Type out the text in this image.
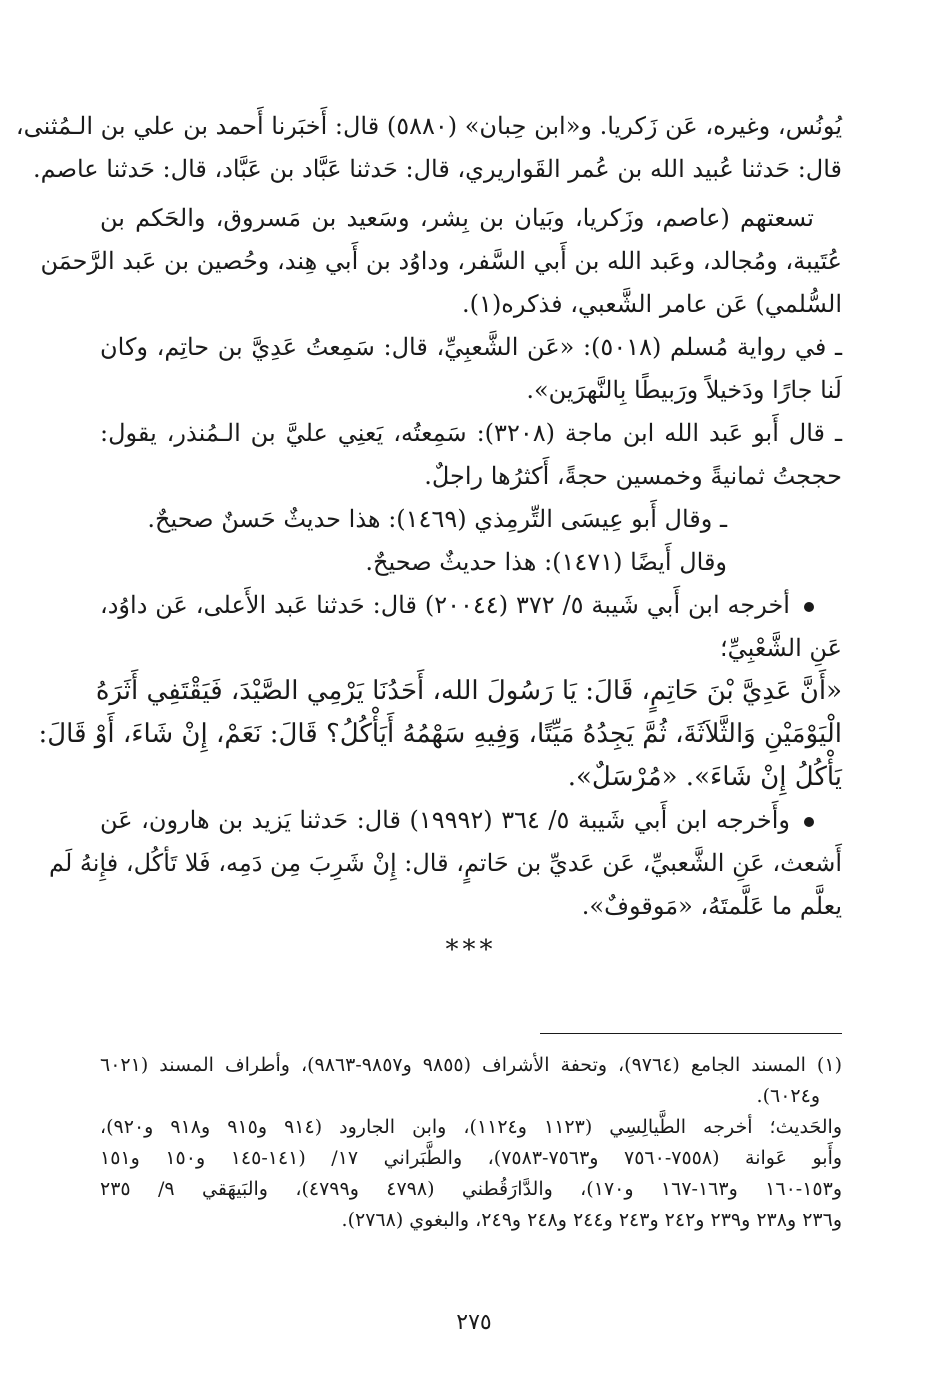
يُونُس، وغيره، عَن زَكريا. و«ابن حِبان» (٥٨٨٠) قال: أَخبَرنا أَحمد بن علي بن الـمُثنى،
قال: حَدثنا عُبيد الله بن عُمر القَواريري، قال: حَدثنا عَبَّاد بن عَبَّاد، قال: حَدثنا عاصم.
تسعتهم (عاصم، وزَكريا، وبَيان بن بِشر، وسَعيد بن مَسروق، والحَكم بن
عُتَيبة، ومُجالد، وعَبد الله بن أَبي السَّفر، وداوُد بن أَبي هِند، وحُصين بن عَبد الرَّحمَن
السُّلمي) عَن عامر الشَّعبي، فذكره(١).
ـ في رواية مُسلم (٥٠١٨): «عَن الشَّعبِيِّ، قال: سَمِعتُ عَدِيَّ بن حاتِم، وكان
لَنا جارًا ودَخيلاً ورَبيطًا بِالنَّهرَين».
ـ قال أَبو عَبد الله ابن ماجة (٣٢٠٨): سَمِعتُه، يَعنِي عليَّ بن الـمُنذر، يقول:
حججتُ ثمانيةً وخمسين حجةً، أَكثرُها راجلٌ.
ـ وقال أَبو عِيسَى التِّرمِذي (١٤٦٩): هذا حديثٌ حَسنٌ صحيحٌ.
وقال أَيضًا (١٤٧١): هذا حديثٌ صحيحٌ.
أخرجه ابن أَبي شَيبة ٥/ ٣٧٢ (٢٠٠٤٤) قال: حَدثنا عَبد الأَعلى، عَن داوُد،
عَنِ الشَّعْبِيِّ؛
«أَنَّ عَدِيَّ بْنَ حَاتِمٍ، قَالَ: يَا رَسُولَ الله، أَحَدُنَا يَرْمِي الصَّيْدَ، فَيَقْتَفِي أَثَرَهُ
الْيَوْمَيْنِ وَالثَّلاَثَةَ، ثُمَّ يَجِدُهُ مَيِّتًا، وَفِيهِ سَهْمُهُ أَيَأْكُلُ؟ قَالَ: نَعَمْ، إِنْ شَاءَ، أَوْ قَالَ:
يَأْكُلُ إِنْ شَاءَ». «مُرْسَلٌ».
وأَخرجه ابن أَبي شَيبة ٥/ ٣٦٤ (١٩٩٩٢) قال: حَدثنا يَزيد بن هارون، عَن
أَشعث، عَنِ الشَّعبيِّ، عَن عَديِّ بن حَاتمٍ، قال: إِنْ شَرِبَ مِن دَمِه، فَلا تَأكُل، فإِنهُ لَم
يعلَّم ما عَلَّمتَهُ، «مَوقوفٌ».
***
(١) المسند الجامع (٩٧٦٤)، وتحفة الأشراف (٩٨٥٥ و٩٨٥٧-٩٨٦٣)، وأطراف المسند (٦٠٢١
و٦٠٢٤).
والحَديث؛ أخرجه الطَّيالِسِي (١١٢٣ و١١٢٤)، وابن الجارود (٩١٤ و٩١٥ و٩١٨ و٩٢٠)،
وأَبو عَوانة (٧٥٥٨-٧٥٦٠ و٧٥٦٣-٧٥٨٣)، والطَّبَراني ١٧/ (١٤١-١٤٥ و١٥٠ و١٥١
و١٥٣-١٦٠ و١٦٣-١٦٧ و١٧٠)، والدَّارَقُطني (٤٧٩٨ و٤٧٩٩)، والبَيهَقي ٩/ ٢٣٥
و٢٣٦ و٢٣٨ و٢٣٩ و٢٤٢ و٢٤٣ و٢٤٤ و٢٤٨ و٢٤٩، والبغوي (٢٧٦٨).
٢٧٥
